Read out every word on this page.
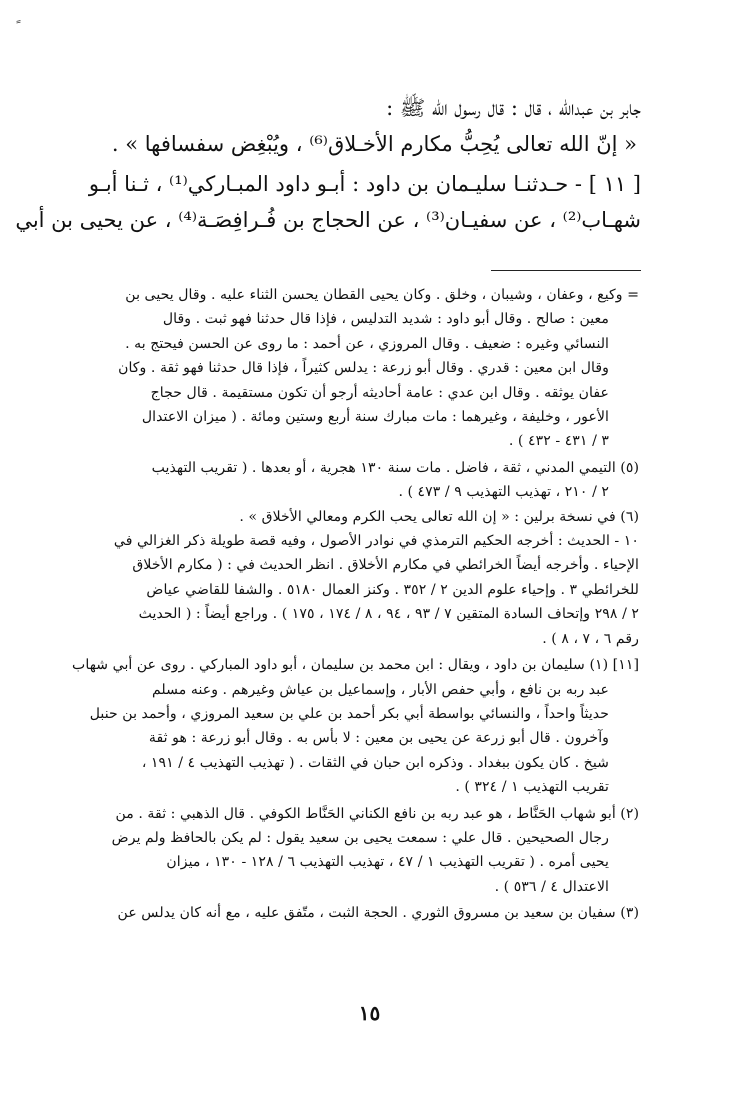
جابر بن عبدالله ، قال : قال رسول الله ﷺ :
« إنّ الله تعالى يُحِبُّ مكارم الأخـلاق⁽⁶⁾ ، ويُبْغِض سفسافها » .
[ ١١ ] - حـدثنـا سليـمان بن داود : أبـو داود المبـاركي⁽¹⁾ ، ثـنا أبـو
شهـاب⁽²⁾ ، عن سفيـان⁽³⁾ ، عن الحجاج بن فُـرافِصَـة⁽⁴⁾ ، عن يحيى بن أبي
= وكيع ، وعفان ، وشيبان ، وخلق . وكان يحيى القطان يحسن الثناء عليه . وقال يحيى بن
معين : صالح . وقال أبو داود : شديد التدليس ، فإذا قال حدثنا فهو ثبت . وقال
النسائي وغيره : ضعيف . وقال المروزي ، عن أحمد : ما روى عن الحسن فيحتج به .
وقال ابن معين : قدري . وقال أبو زرعة : يدلس كثيراً ، فإذا قال حدثنا فهو ثقة . وكان
عفان يوثقه . وقال ابن عدي : عامة أحاديثه أرجو أن تكون مستقيمة . قال حجاج
الأعور ، وخليفة ، وغيرهما : مات مبارك سنة أربع وستين ومائة . ( ميزان الاعتدال
٣ / ٤٣١ - ٤٣٢ ) .
(٥) التيمي المدني ، ثقة ، فاضل . مات سنة ١٣٠ هجرية ، أو بعدها . ( تقريب التهذيب
٢ / ٢١٠ ، تهذيب التهذيب ٩ / ٤٧٣ ) .
(٦) في نسخة برلين : « إن الله تعالى يحب الكرم ومعالي الأخلاق » .
١٠ - الحديث : أخرجه الحكيم الترمذي في نوادر الأصول ، وفيه قصة طويلة ذكر الغزالي في
الإحياء . وأخرجه أيضاً الخرائطي في مكارم الأخلاق . انظر الحديث في : ( مكارم الأخلاق
للخرائطي ٣ . وإحياء علوم الدين ٢ / ٣٥٢ . وكنز العمال ٥١٨٠ . والشفا للقاضي عياض
٢ / ٢٩٨ وإتحاف السادة المتقين ٧ / ٩٣ ، ٩٤ ، ٨ / ١٧٤ ، ١٧٥ ) . وراجع أيضاً : ( الحديث
رقم ٦ ، ٧ ، ٨ ) .
[١١] (١) سليمان بن داود ، ويقال : ابن محمد بن سليمان ، أبو داود المباركي . روى عن أبي شهاب
عبد ربه بن نافع ، وأبي حفص الأبار ، وإسماعيل بن عياش وغيرهم . وعنه مسلم
حديثاً واحداً ، والنسائي بواسطة أبي بكر أحمد بن علي بن سعيد المروزي ، وأحمد بن حنبل
وآخرون . قال أبو زرعة عن يحيى بن معين : لا بأس به . وقال أبو زرعة : هو ثقة
شيخ . كان يكون ببغداد . وذكره ابن حبان في الثقات . ( تهذيب التهذيب ٤ / ١٩١ ،
تقريب التهذيب ١ / ٣٢٤ ) .
(٢) أبو شهاب الحَنَّاط ، هو عبد ربه بن نافع الكناني الحَنَّاط الكوفي . قال الذهبي : ثقة . من
رجال الصحيحين . قال علي : سمعت يحيى بن سعيد يقول : لم يكن بالحافظ ولم يرض
يحيى أمره . ( تقريب التهذيب ١ / ٤٧ ، تهذيب التهذيب ٦ / ١٢٨ - ١٣٠ ، ميزان
الاعتدال ٤ / ٥٣٦ ) .
(٣) سفيان بن سعيد بن مسروق الثوري . الحجة الثبت ، متّفق عليه ، مع أنه كان يدلس عن
١٥
